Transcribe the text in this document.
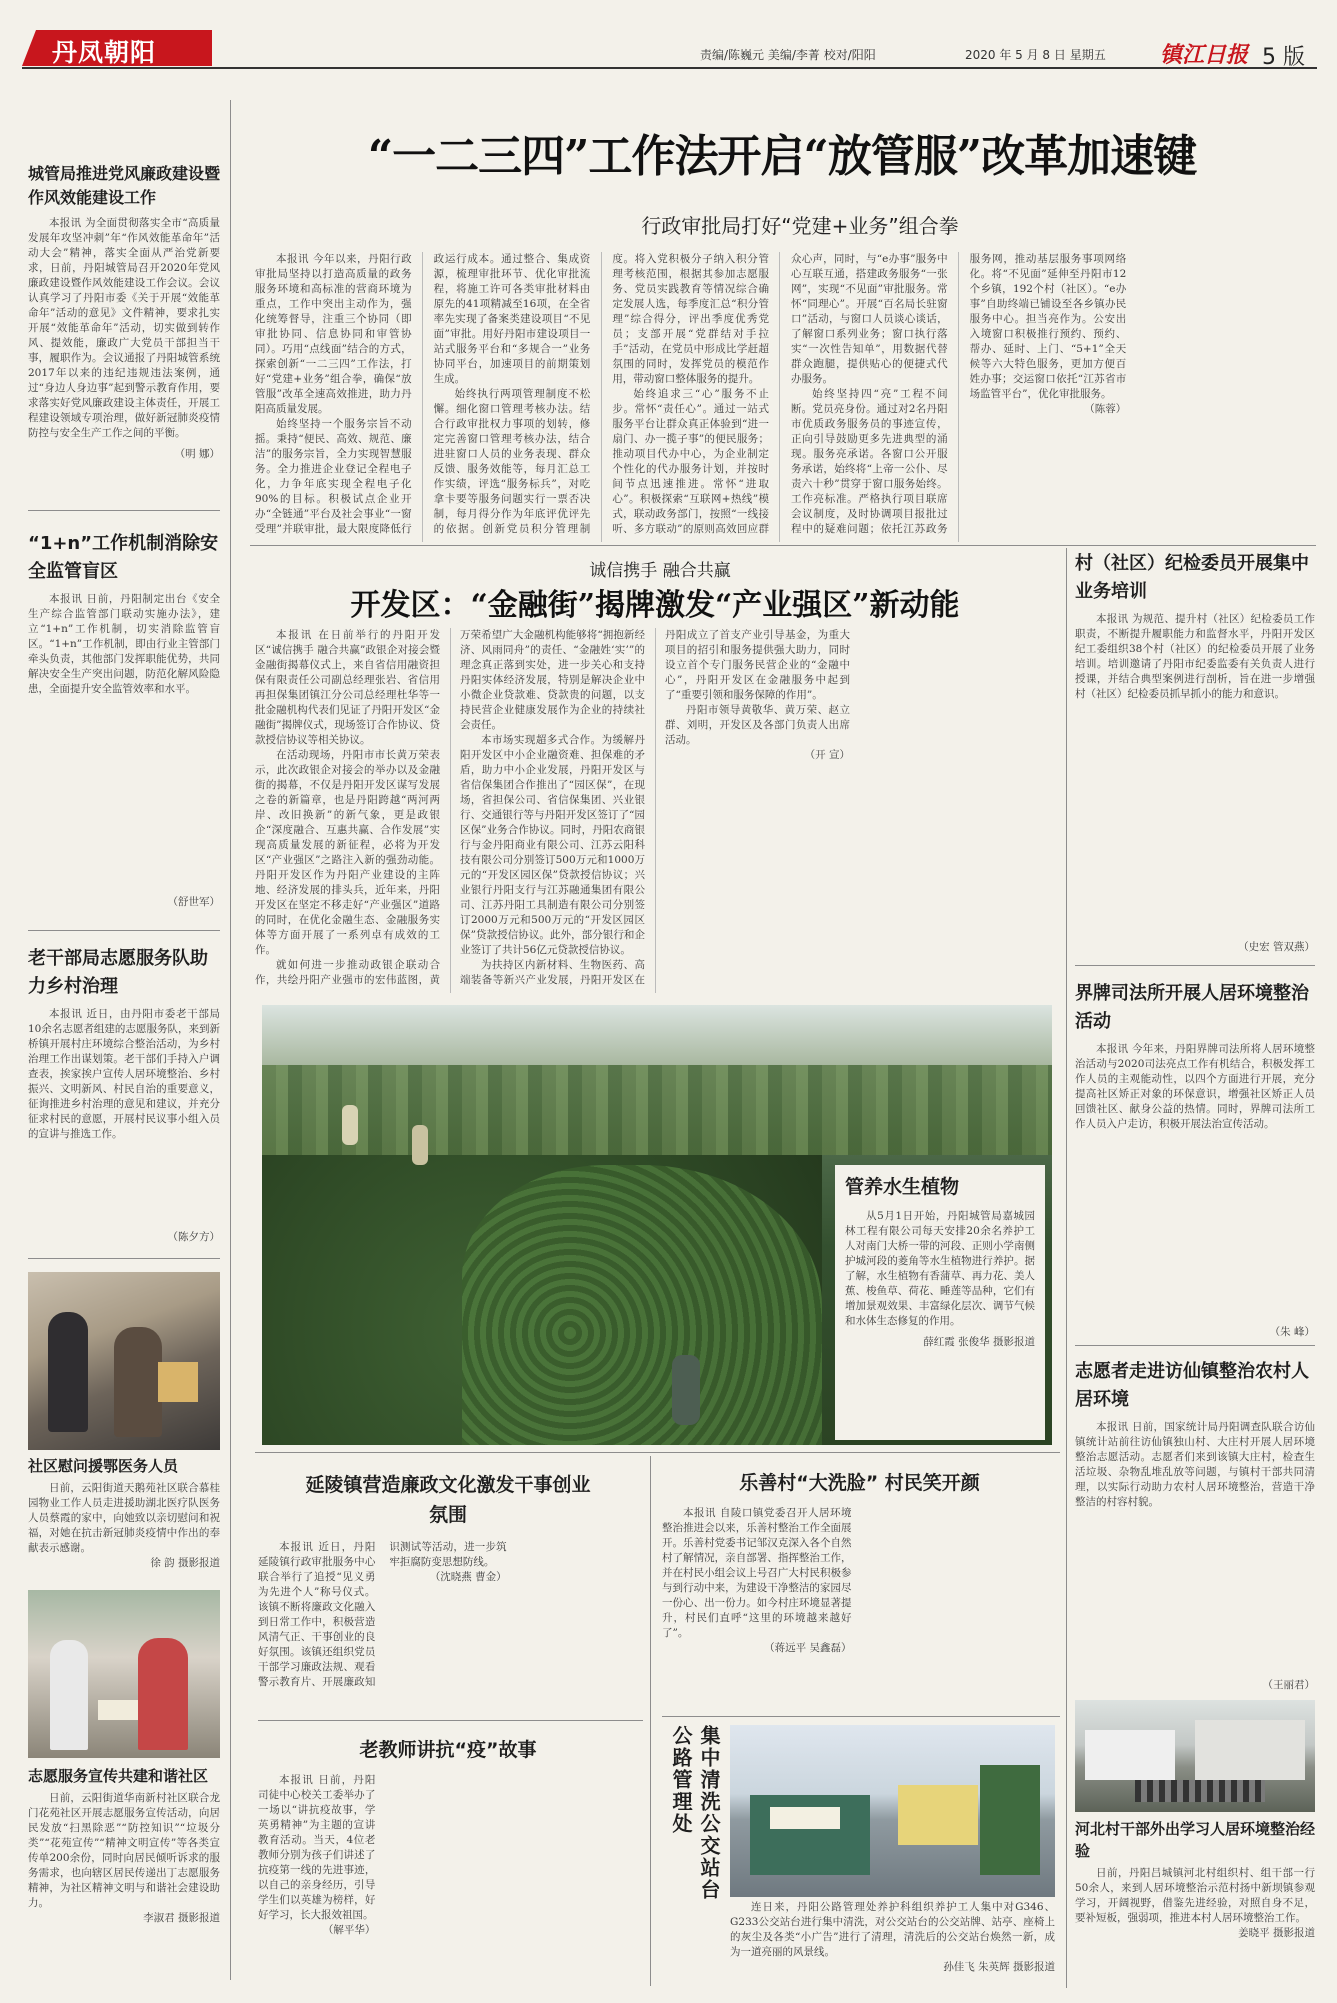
丹凤朝阳	责编/陈巍元 美编/李菁 校对/阳阳	2020 年 5 月 8 日 星期五 镇江日报 5 版
城管局推进党风廉政建设暨作风效能建设工作

本报讯 为全面贯彻落实全市“高质量发展年攻坚冲刺”年“作风效能革命年”活动大会”精神，落实全面从严治党新要求，日前，丹阳城管局召开2020年党风廉政建设暨作风效能建设工作会议。会议认真学习了丹阳市委《关于开展“效能革命年”活动的意见》文件精神，要求扎实开展“效能革命年”活动，切实做到转作风、提效能，廉政广大党员干部担当干事，履职作为。会议通报了丹阳城管系统2017年以来的违纪违规违法案例，通过“身边人身边事”起到警示教育作用，要求落实好党风廉政建设主体责任，开展工程建设领域专项治理，做好新冠肺炎疫情防控与安全生产工作之间的平衡。

（明 娜）
“1+n”工作机制消除安全监管盲区

本报讯 日前，丹阳制定出台《安全生产综合监管部门联动实施办法》，建立“1+n”工作机制，切实消除监管盲区。“1+n”工作机制，即由行业主管部门牵头负责，其他部门发挥职能优势，共同解决安全生产突出问题，防范化解风险隐患，全面提升安全监管效率和水平。

（舒世军）
老干部局志愿服务队助力乡村治理

本报讯 近日，由丹阳市委老干部局10余名志愿者组建的志愿服务队，来到新桥镇开展村庄环境综合整治活动，为乡村治理工作出谋划策。老干部们手持入户调查表，挨家挨户宣传人居环境整治、乡村振兴、文明新风、村民自治的重要意义，征询推进乡村治理的意见和建议，并充分征求村民的意愿，开展村民议事小组入员的宣讲与推选工作。

（陈夕方）
社区慰问援鄂医务人员
日前，云阳街道天鹅苑社区联合慕桂园物业工作人员走进援助湖北医疗队医务人员蔡霞的家中，向她致以亲切慰问和祝福，对她在抗击新冠肺炎疫情中作出的奉献表示感谢。
徐 韵 摄影报道
志愿服务宣传共建和谐社区
日前，云阳街道华南新村社区联合龙门花苑社区开展志愿服务宣传活动，向居民发放“扫黑除恶”“防控知识”“垃圾分类”“花苑宣传”“精神文明宣传”等各类宣传单200余份，同时向居民倾听诉求的服务需求，也向辖区居民传递出丁志愿服务精神，为社区精神文明与和谐社会建设助力。
李淑君 摄影报道
“一二三四”工作法开启“放管服”改革加速键
行政审批局打好“党建+业务”组合拳

本报讯 今年以来，丹阳行政审批局坚持以打造高质量的政务服务环境和高标准的营商环境为重点，工作中突出主动作为，强化统筹督导，注重三个协同（即审批协同、信息协同和审管协同）。巧用“点线面”结合的方式，探索创新“一二三四”工作法，打好“党建+业务”组合拳，确保“放管服”改革全速高效推进，助力丹阳高质量发展。

始终坚持一个服务宗旨不动摇。秉持“便民、高效、规范、廉洁”的服务宗旨，全力实现智慧服务。全力推进企业登记全程电子化，力争年底实现全程电子化90%的目标。积极试点企业开办“全链通”平台及社会事业“一窗受理”并联审批，最大限度降低行政运行成本。通过整合、集成资源，梳理审批环节、优化审批流程，将施工许可各类审批材料由原先的41项精减至16项，在全省率先实现了备案类建设项目“不见面”审批。用好丹阳市建设项目一站式服务平台和“多规合一”业务协同平台，加速项目的前期策划生成。

始终执行两项管理制度不松懈。细化窗口管理考核办法。结合行政审批权力事项的划转，修定完善窗口管理考核办法，结合进驻窗口人员的业务表现、群众反馈、服务效能等，每月汇总工作实绩，评选“服务标兵”，对吃拿卡要等服务问题实行一票否决制，每月得分作为年底评优评先的依据。创新党员积分管理制度。将入党积极分子纳入积分管理考核范围，根据其参加志愿服务、党员实践教育等情况综合确定发展人选，每季度汇总“积分管理”综合得分，评出季度优秀党员；支部开展“党群结对手拉手”活动，在党员中形成比学赶超氛围的同时，发挥党员的模范作用，带动窗口整体服务的提升。

始终追求三“心”服务不止步。常怀“责任心”。通过一站式服务平台让群众真正体验到“进一扇门、办一揽子事”的便民服务；推动项目代办中心，为企业制定个性化的代办服务计划，并按时间节点迅速推进。常怀“进取心”。积极探索“互联网+热线”模式，联动政务部门，按照“一线接听、多方联动”的原则高效回应群众心声，同时，与“e办事”服务中心互联互通，搭建政务服务“一张网”，实现“不见面”审批服务。常怀“同理心”。开展“百名局长驻窗口”活动，与窗口人员谈心谈话，了解窗口系列业务；窗口执行落实“一次性告知单”，用数据代替群众跑腿，提供贴心的便捷式代办服务。

始终坚持四“亮”工程不间断。党员亮身份。通过对2名丹阳市优质政务服务员的事迹宣传，正向引导鼓励更多先进典型的涌现。服务亮承诺。各窗口公开服务承诺，始终将“上帝一公仆、尽责六十秒”贯穿于窗口服务始终。工作亮标准。严格执行项目联席会议制度，及时协调项目报批过程中的疑难问题；依托江苏政务服务网，推动基层服务事项网络化。将“不见面”延伸至丹阳市12个乡镇，192个村（社区）。“e办事”自助终端已铺设至各乡镇办民服务中心。担当亮作为。公安出入境窗口积极推行预约、预约、帮办、延时、上门、“5+1”全天候等六大特色服务，更加方便百姓办事；交运窗口依托“江苏省市场监管平台”，优化审批服务。

（陈蓉）
诚信携手 融合共赢
开发区：“金融街”揭牌激发“产业强区”新动能

本报讯 在日前举行的丹阳开发区“诚信携手 融合共赢”政银企对接会暨金融街揭幕仪式上，来自省信用融资担保有限责任公司副总经理张岩、省信用再担保集团镇江分公司总经理杜华等一批金融机构代表们见证了丹阳开发区“金融街”揭牌仪式，现场签订合作协议、贷款授信协议等相关协议。

在活动现场，丹阳市市长黄万荣表示，此次政银企对接会的举办以及金融街的揭幕，不仅是丹阳开发区谋写发展之卷的新篇章，也是丹阳跨越“两河两岸、改旧换新”的新气象，更是政银企“深度融合、互惠共赢、合作发展”实现高质量发展的新征程，必将为开发区“产业强区”之路注入新的强劲动能。丹阳开发区作为丹阳产业建设的主阵地、经济发展的排头兵，近年来，丹阳开发区在坚定不移走好“产业强区”道路的同时，在优化金融生态、金融服务实体等方面开展了一系列卓有成效的工作。

就如何进一步推动政银企联动合作，共绘丹阳产业强市的宏伟蓝图，黄万荣希望广大金融机构能够将“拥抱新经济、风雨同舟”的责任、“金融姓‘实’”的理念真正落到实处，进一步关心和支持丹阳实体经济发展，特别是解决企业中小微企业贷款难、贷款贵的问题，以支持民营企业健康发展作为企业的持续社会责任。

本市场实现超多式合作。为缓解丹阳开发区中小企业融资难、担保难的矛盾，助力中小企业发展，丹阳开发区与省信保集团合作推出了“园区保”，在现场，省担保公司、省信保集团、兴业银行、交通银行等与丹阳开发区签订了“园区保”业务合作协议。同时，丹阳农商银行与金丹阳商业有限公司、江苏云阳科技有限公司分别签订500万元和1000万元的“开发区园区保”贷款授信协议；兴业银行丹阳支行与江苏融通集团有限公司、江苏丹阳工具制造有限公司分别签订2000万元和500万元的“开发区园区保”贷款授信协议。此外，部分银行和企业签订了共计56亿元贷款授信协议。

为扶持区内新材料、生物医药、高端装备等新兴产业发展，丹阳开发区在丹阳成立了首支产业引导基金，为重大项目的招引和服务提供强大助力，同时设立首个专门服务民营企业的“金融中心”，丹阳开发区在金融服务中起到了“重要引领和服务保障的作用”。

丹阳市领导黄敬华、黄万荣、赵立群、刘明，开发区及各部门负责人出席活动。

（开 宣）
管养水生植物
从5月1日开始，丹阳城管局嘉城园林工程有限公司每天安排20余名养护工人对南门大桥一带的河段、正则小学南侧护城河段的菱角等水生植物进行养护。据了解，水生植物有香蒲草、再力花、美人蕉、梭鱼草、荷花、睡莲等品种，它们有增加景观效果、丰富绿化层次、调节气候和水体生态修复的作用。
薛红霞 张俊华 摄影报道
延陵镇营造廉政文化激发干事创业氛围

本报讯 近日，丹阳延陵镇行政审批服务中心联合举行了追授“见义勇为先进个人”称号仪式。该镇不断将廉政文化融入到日常工作中，积极营造风清气正、干事创业的良好氛围。该镇还组织党员干部学习廉政法规、观看警示教育片、开展廉政知识测试等活动，进一步筑牢拒腐防变思想防线。

（沈晓燕 曹金）
老教师讲抗“疫”故事

本报讯 日前，丹阳司徒中心校关工委举办了一场以“讲抗疫故事，学英勇精神”为主题的宣讲教育活动。当天，4位老教师分别为孩子们讲述了抗疫第一线的先进事迹，以自己的亲身经历，引导学生们以英雄为榜样，好好学习，长大报效祖国。

（解平华）
乐善村“大洗脸” 村民笑开颜

本报讯 自陵口镇党委召开人居环境整治推进会以来，乐善村整治工作全面展开。乐善村党委书记邹汉克深入各个自然村了解情况，亲自部署、指挥整治工作，并在村民小组会议上号召广大村民积极参与到行动中来，为建设干净整洁的家园尽一份心、出一份力。如今村庄环境显著提升，村民们直呼“这里的环境越来越好了”。

（蒋远平 吴鑫磊）
公路管理处 集中清洗公交站台
连日来，丹阳公路管理处养护科组织养护工人集中对G346、G233公交站台进行集中清洗，对公交站台的公交站牌、站亭、座椅上的灰尘及各类“小广告”进行了清理，清洗后的公交站台焕然一新，成为一道亮丽的风景线。
孙佳飞 朱英辉 摄影报道
村（社区）纪检委员开展集中业务培训

本报讯 为规范、提升村（社区）纪检委员工作职责，不断提升履职能力和监督水平，丹阳开发区纪工委组织38个村（社区）的纪检委员开展了业务培训。培训邀请了丹阳市纪委监委有关负责人进行授课，并结合典型案例进行剖析，旨在进一步增强村（社区）纪检委员抓早抓小的能力和意识。

（史宏 管双燕）
界牌司法所开展人居环境整治活动

本报讯 今年来，丹阳界牌司法所将人居环境整治活动与2020司法亮点工作有机结合，积极发挥工作人员的主观能动性，以四个方面进行开展，充分提高社区矫正对象的环保意识，增强社区矫正人员回馈社区、献身公益的热情。同时，界牌司法所工作人员入户走访，积极开展法治宣传活动。

（朱 峰）
志愿者走进访仙镇整治农村人居环境

本报讯 日前，国家统计局丹阳调查队联合访仙镇统计站前往访仙镇独山村、大庄村开展人居环境整治志愿活动。志愿者们来到该镇大庄村，检查生活垃圾、杂物乱堆乱放等问题，与镇村干部共同清理，以实际行动助力农村人居环境整治，营造干净整洁的村容村貌。

（王丽君）
河北村干部外出学习人居环境整治经验
日前，丹阳吕城镇河北村组织村、组干部一行50余人，来到人居环境整治示范村扬中新坝镇参观学习，开阔视野，借鉴先进经验，对照自身不足，要补短板，强弱项，推进本村人居环境整治工作。
姜晓平 摄影报道
